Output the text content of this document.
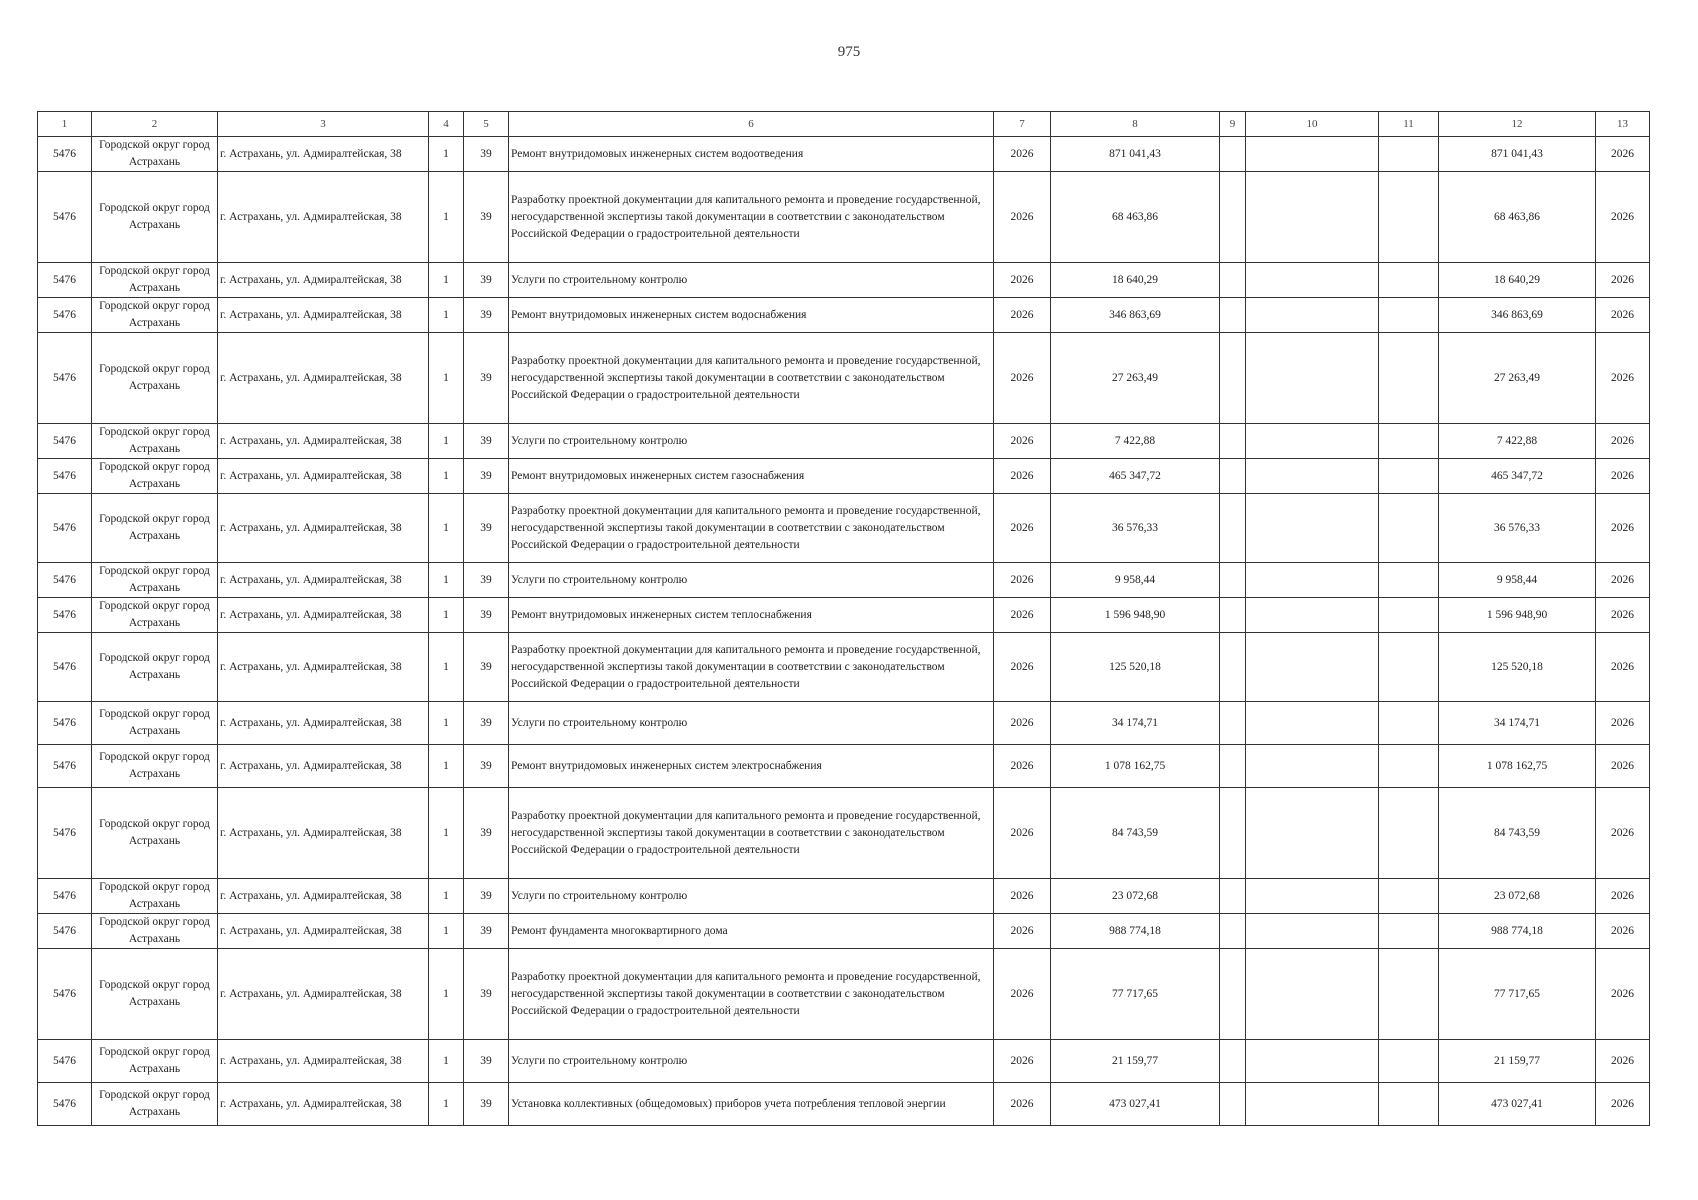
975
1	2	3	4	5	6	7	8	9	10	11	12	13
5476	Городской округ город Астрахань	г. Астрахань, ул. Адмиралтейская, 38	1	39	Ремонт внутридомовых инженерных систем водоотведения	2026	871 041,43				871 041,43	2026
5476	Городской округ город Астрахань	г. Астрахань, ул. Адмиралтейская, 38	1	39	Разработку проектной документации для капитального ремонта и проведение государственной, негосударственной экспертизы такой документации в соответствии с законодательством Российской Федерации о градостроительной деятельности	2026	68 463,86				68 463,86	2026
5476	Городской округ город Астрахань	г. Астрахань, ул. Адмиралтейская, 38	1	39	Услуги по строительному контролю	2026	18 640,29				18 640,29	2026
5476	Городской округ город Астрахань	г. Астрахань, ул. Адмиралтейская, 38	1	39	Ремонт внутридомовых инженерных систем водоснабжения	2026	346 863,69				346 863,69	2026
5476	Городской округ город Астрахань	г. Астрахань, ул. Адмиралтейская, 38	1	39	Разработку проектной документации для капитального ремонта и проведение государственной, негосударственной экспертизы такой документации в соответствии с законодательством Российской Федерации о градостроительной деятельности	2026	27 263,49				27 263,49	2026
5476	Городской округ город Астрахань	г. Астрахань, ул. Адмиралтейская, 38	1	39	Услуги по строительному контролю	2026	7 422,88				7 422,88	2026
5476	Городской округ город Астрахань	г. Астрахань, ул. Адмиралтейская, 38	1	39	Ремонт внутридомовых инженерных систем газоснабжения	2026	465 347,72				465 347,72	2026
5476	Городской округ город Астрахань	г. Астрахань, ул. Адмиралтейская, 38	1	39	Разработку проектной документации для капитального ремонта и проведение государственной, негосударственной экспертизы такой документации в соответствии с законодательством Российской Федерации о градостроительной деятельности	2026	36 576,33				36 576,33	2026
5476	Городской округ город Астрахань	г. Астрахань, ул. Адмиралтейская, 38	1	39	Услуги по строительному контролю	2026	9 958,44				9 958,44	2026
5476	Городской округ город Астрахань	г. Астрахань, ул. Адмиралтейская, 38	1	39	Ремонт внутридомовых инженерных систем теплоснабжения	2026	1 596 948,90				1 596 948,90	2026
5476	Городской округ город Астрахань	г. Астрахань, ул. Адмиралтейская, 38	1	39	Разработку проектной документации для капитального ремонта и проведение государственной, негосударственной экспертизы такой документации в соответствии с законодательством Российской Федерации о градостроительной деятельности	2026	125 520,18				125 520,18	2026
5476	Городской округ город Астрахань	г. Астрахань, ул. Адмиралтейская, 38	1	39	Услуги по строительному контролю	2026	34 174,71				34 174,71	2026
5476	Городской округ город Астрахань	г. Астрахань, ул. Адмиралтейская, 38	1	39	Ремонт внутридомовых инженерных систем электроснабжения	2026	1 078 162,75				1 078 162,75	2026
5476	Городской округ город Астрахань	г. Астрахань, ул. Адмиралтейская, 38	1	39	Разработку проектной документации для капитального ремонта и проведение государственной, негосударственной экспертизы такой документации в соответствии с законодательством Российской Федерации о градостроительной деятельности	2026	84 743,59				84 743,59	2026
5476	Городской округ город Астрахань	г. Астрахань, ул. Адмиралтейская, 38	1	39	Услуги по строительному контролю	2026	23 072,68				23 072,68	2026
5476	Городской округ город Астрахань	г. Астрахань, ул. Адмиралтейская, 38	1	39	Ремонт фундамента многоквартирного дома	2026	988 774,18				988 774,18	2026
5476	Городской округ город Астрахань	г. Астрахань, ул. Адмиралтейская, 38	1	39	Разработку проектной документации для капитального ремонта и проведение государственной, негосударственной экспертизы такой документации в соответствии с законодательством Российской Федерации о градостроительной деятельности	2026	77 717,65				77 717,65	2026
5476	Городской округ город Астрахань	г. Астрахань, ул. Адмиралтейская, 38	1	39	Услуги по строительному контролю	2026	21 159,77				21 159,77	2026
5476	Городской округ город Астрахань	г. Астрахань, ул. Адмиралтейская, 38	1	39	Установка коллективных (общедомовых) приборов учета потребления тепловой энергии	2026	473 027,41				473 027,41	2026
